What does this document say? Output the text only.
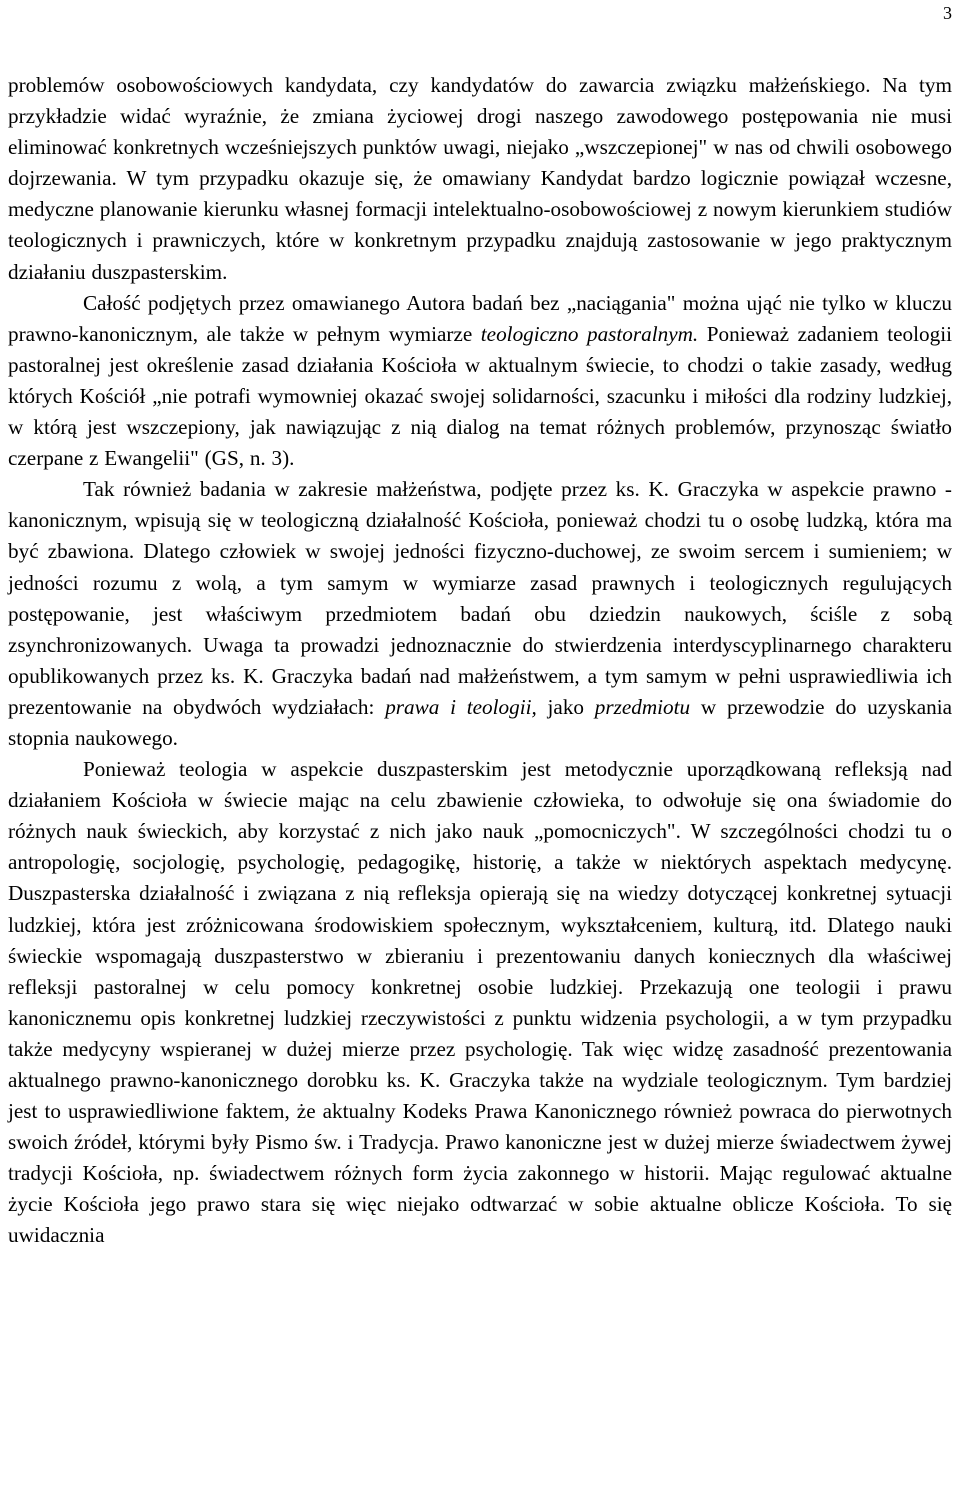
3

problemów osobowościowych kandydata, czy kandydatów do zawarcia związku małżeńskiego. Na tym przykładzie widać wyraźnie, że zmiana życiowej drogi naszego zawodowego postępowania nie musi eliminować konkretnych wcześniejszych punktów uwagi, niejako „wszczepionej" w nas od chwili osobowego dojrzewania. W tym przypadku okazuje się, że omawiany Kandydat bardzo logicznie powiązał wczesne, medyczne planowanie kierunku własnej formacji intelektualno-osobowościowej z nowym kierunkiem studiów teologicznych i prawniczych, które w konkretnym przypadku znajdują zastosowanie w jego praktycznym działaniu duszpasterskim.

Całość podjętych przez omawianego Autora badań bez „naciągania" można ująć nie tylko w kluczu prawno-kanonicznym, ale także w pełnym wymiarze teologiczno pastoralnym. Ponieważ zadaniem teologii pastoralnej jest określenie zasad działania Kościoła w aktualnym świecie, to chodzi o takie zasady, według których Kościół „nie potrafi wymowniej okazać swojej solidarności, szacunku i miłości dla rodziny ludzkiej, w którą jest wszczepiony, jak nawiązując z nią dialog na temat różnych problemów, przynosząc światło czerpane z Ewangelii" (GS, n. 3).

Tak również badania w zakresie małżeństwa, podjęte przez ks. K. Graczyka w aspekcie prawno - kanonicznym, wpisują się w teologiczną działalność Kościoła, ponieważ chodzi tu o osobę ludzką, która ma być zbawiona. Dlatego człowiek w swojej jedności fizyczno-duchowej, ze swoim sercem i sumieniem; w jedności rozumu z wolą, a tym samym w wymiarze zasad prawnych i teologicznych regulujących postępowanie, jest właściwym przedmiotem badań obu dziedzin naukowych, ściśle z sobą zsynchronizowanych. Uwaga ta prowadzi jednoznacznie do stwierdzenia interdyscyplinarnego charakteru opublikowanych przez ks. K. Graczyka badań nad małżeństwem, a tym samym w pełni usprawiedliwia ich prezentowanie na obydwóch wydziałach: prawa i teologii, jako przedmiotu w przewodzie do uzyskania stopnia naukowego.

Ponieważ teologia w aspekcie duszpasterskim jest metodycznie uporządkowaną refleksją nad działaniem Kościoła w świecie mając na celu zbawienie człowieka, to odwołuje się ona świadomie do różnych nauk świeckich, aby korzystać z nich jako nauk „pomocniczych". W szczególności chodzi tu o antropologię, socjologię, psychologię, pedagogikę, historię, a także w niektórych aspektach medycynę. Duszpasterska działalność i związana z nią refleksja opierają się na wiedzy dotyczącej konkretnej sytuacji ludzkiej, która jest zróżnicowana środowiskiem społecznym, wykształceniem, kulturą, itd. Dlatego nauki świeckie wspomagają duszpasterstwo w zbieraniu i prezentowaniu danych koniecznych dla właściwej refleksji pastoralnej w celu pomocy konkretnej osobie ludzkiej. Przekazują one teologii i prawu kanonicznemu opis konkretnej ludzkiej rzeczywistości z punktu widzenia psychologii, a w tym przypadku także medycyny wspieranej w dużej mierze przez psychologię. Tak więc widzę zasadność prezentowania aktualnego prawno-kanonicznego dorobku ks. K. Graczyka także na wydziale teologicznym. Tym bardziej jest to usprawiedliwione faktem, że aktualny Kodeks Prawa Kanonicznego również powraca do pierwotnych swoich źródeł, którymi były Pismo św. i Tradycja. Prawo kanoniczne jest w dużej mierze świadectwem żywej tradycji Kościoła, np. świadectwem różnych form życia zakonnego w historii. Mając regulować aktualne życie Kościoła jego prawo stara się więc niejako odtwarzać w sobie aktualne oblicze Kościoła. To się uwidacznia
